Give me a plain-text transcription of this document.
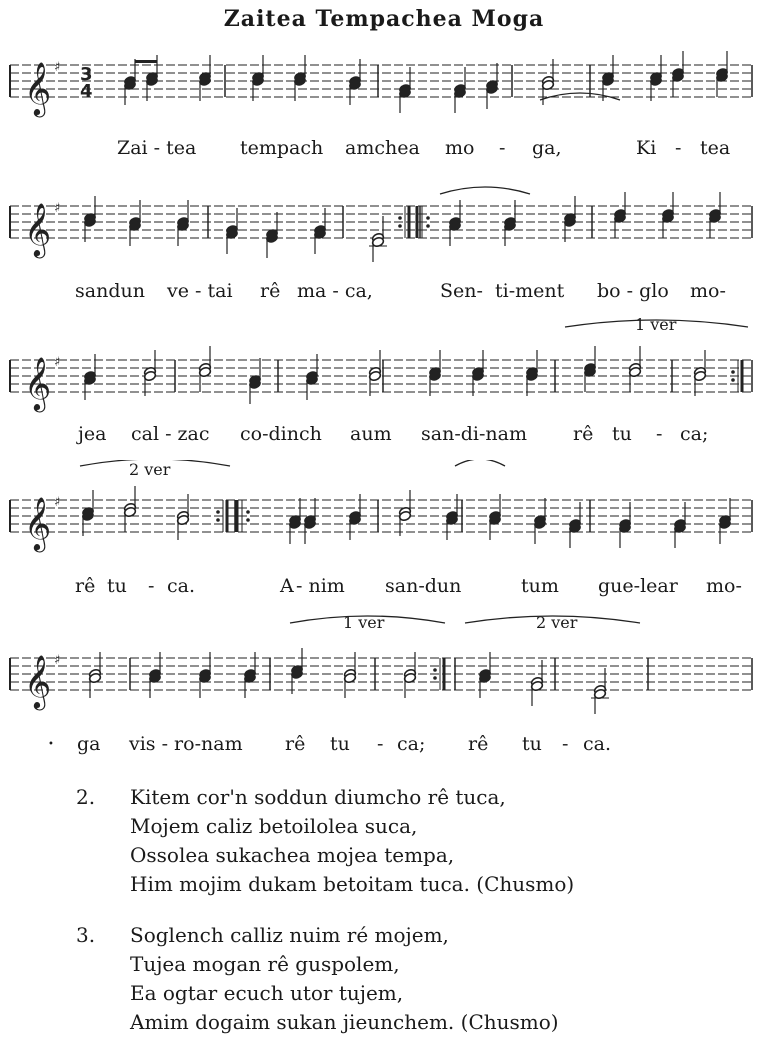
Zaitea Tempachea Moga
𝄞 ♯ 3
4
Zai - tea tempach amchea mo - ga,	Ki - tea
𝄞 ♯
sandun ve - tai rê ma - ca,	Sen- ti-ment bo - glo mo-
1 ver
𝄞 ♯
jea cal - zac co-dinch aum san-di-nam rê tu - ca;
2 ver
𝄞 ♯
rê tu - ca.	A - nim san-dun	tum gue-lear mo-
1 ver	2 ver
𝄞 ♯
• ga vis - ro-nam rê tu - ca; rê tu - ca.
2. Kitem cor'n soddun diumcho rê tuca,
Mojem caliz betoilolea suca,
Ossolea sukachea mojea tempa,
Him mojim dukam betoitam tuca. (Chusmo)
3. Soglench calliz nuim ré mojem,
Tujea mogan rê guspolem,
Ea ogtar ecuch utor tujem,
Amim dogaim sukan jieunchem. (Chusmo)
